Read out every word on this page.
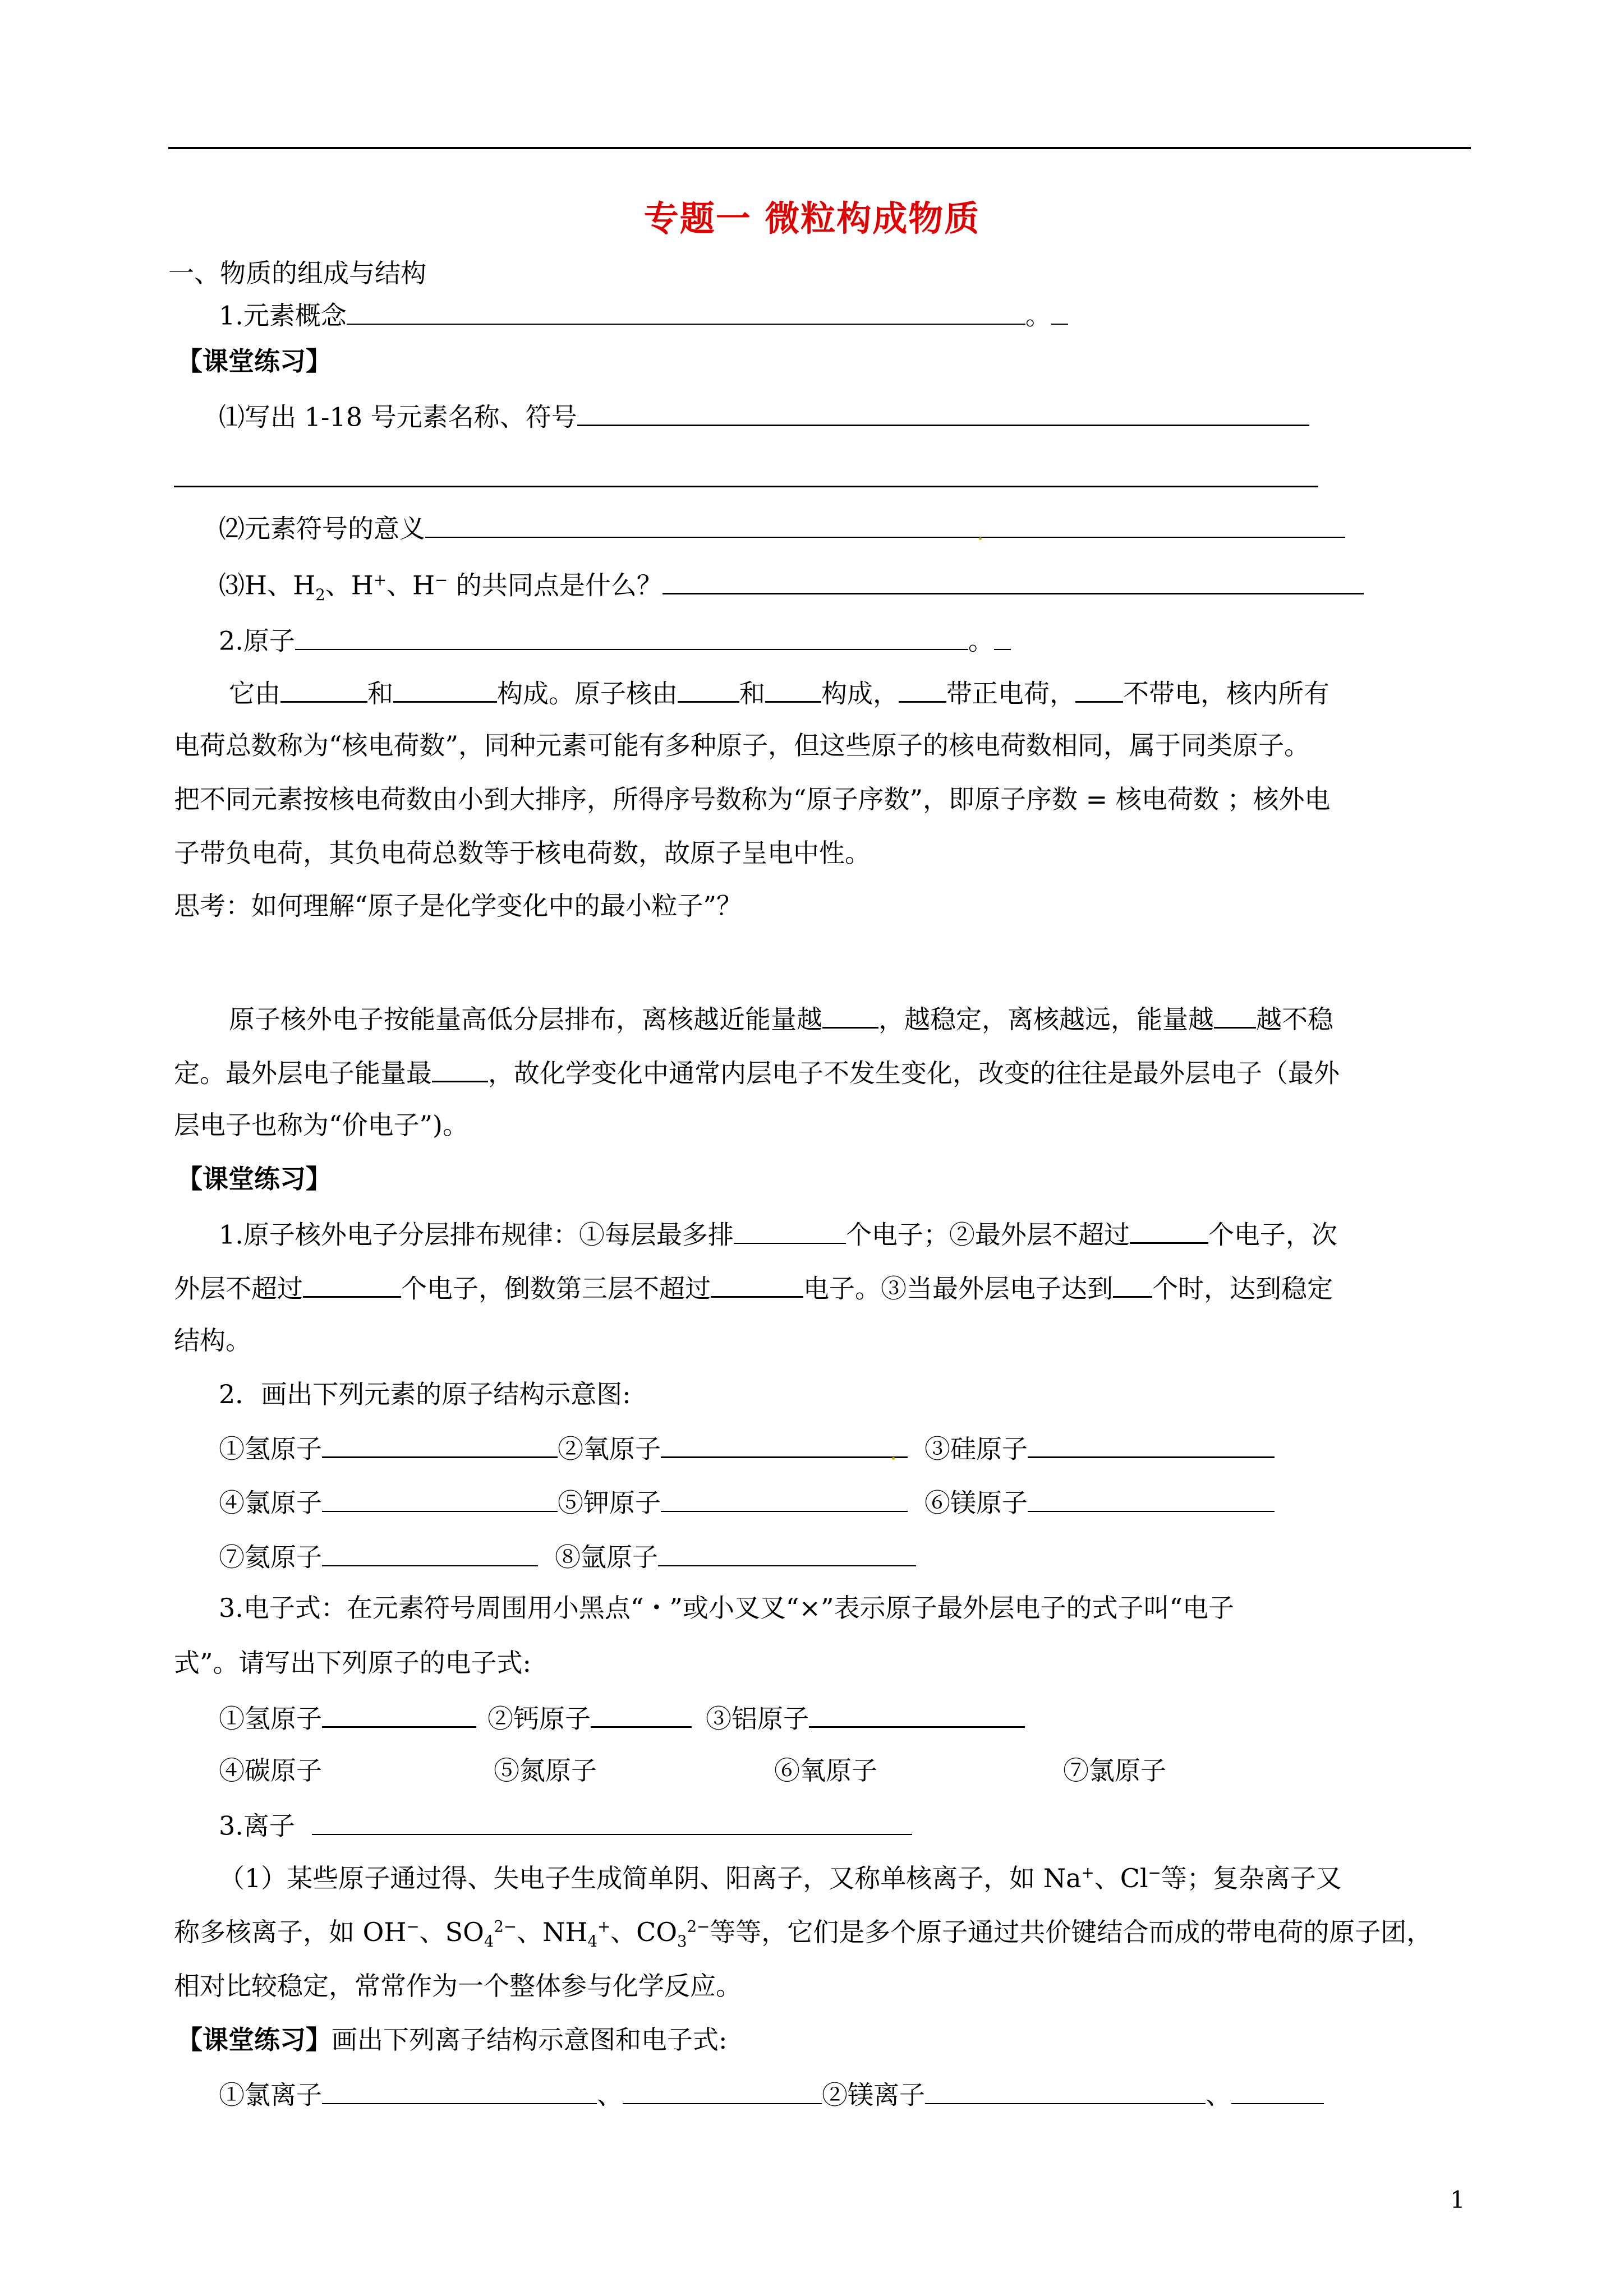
专题一 微粒构成物质
一、物质的组成与结构
1.元素概念	。
【课堂练习】
⑴写出 1-18 号元素名称、符号
⑵元素符号的意义
⑶H、$H_2$、H+、H− 的共同点是什么？
2.原子	。
它由	和	构成。原子核由 和 构成， 带正电荷， 不带电，核内所有
电荷总数称为“核电荷数”，同种元素可能有多种原子，但这些原子的核电荷数相同，属于同类原子。
把不同元素按核电荷数由小到大排序，所得序号数称为“原子序数”，即原子序数 = 核电荷数 ；核外电
子带负电荷，其负电荷总数等于核电荷数，故原子呈电中性。
思考：如何理解“原子是化学变化中的最小粒子”？
原子核外电子按能量高低分层排布，离核越近能量越 ，越稳定，离核越远，能量越 越不稳
定。最外层电子能量最 ，故化学变化中通常内层电子不发生变化，改变的往往是最外层电子（最外
层电子也称为“价电子”)。
【课堂练习】
1.原子核外电子分层排布规律：①每层最多排	个电子；②最外层不超过	个电子，次
外层不超过	个电子，倒数第三层不超过	电子。③当最外层电子达到 个时，达到稳定
结构。
2．画出下列元素的原子结构示意图:
①氢原子	②氧原子	③硅原子
④氯原子	⑤钾原子	⑥镁原子
⑦氦原子	⑧氩原子
3.电子式：在元素符号周围用小黑点“・”或小叉叉“×”表示原子最外层电子的式子叫“电子
式”。请写出下列原子的电子式:
①氢原子	②钙原子	③铝原子
④碳原子	⑤氮原子	⑥氧原子	⑦氯原子
3.离子
（1）某些原子通过得、失电子生成简单阴、阳离子，又称单核离子，如 Na+、Cl−等；复杂离子又
称多核离子，如 OH−、$SO_4^{2-}$、$NH_4^+$、$CO_3^{2-}$等等，它们是多个原子通过共价键结合而成的带电荷的原子团，
相对比较稳定，常常作为一个整体参与化学反应。
【课堂练习】画出下列离子结构示意图和电子式:
①氯离子	、	②镁离子	、
1
